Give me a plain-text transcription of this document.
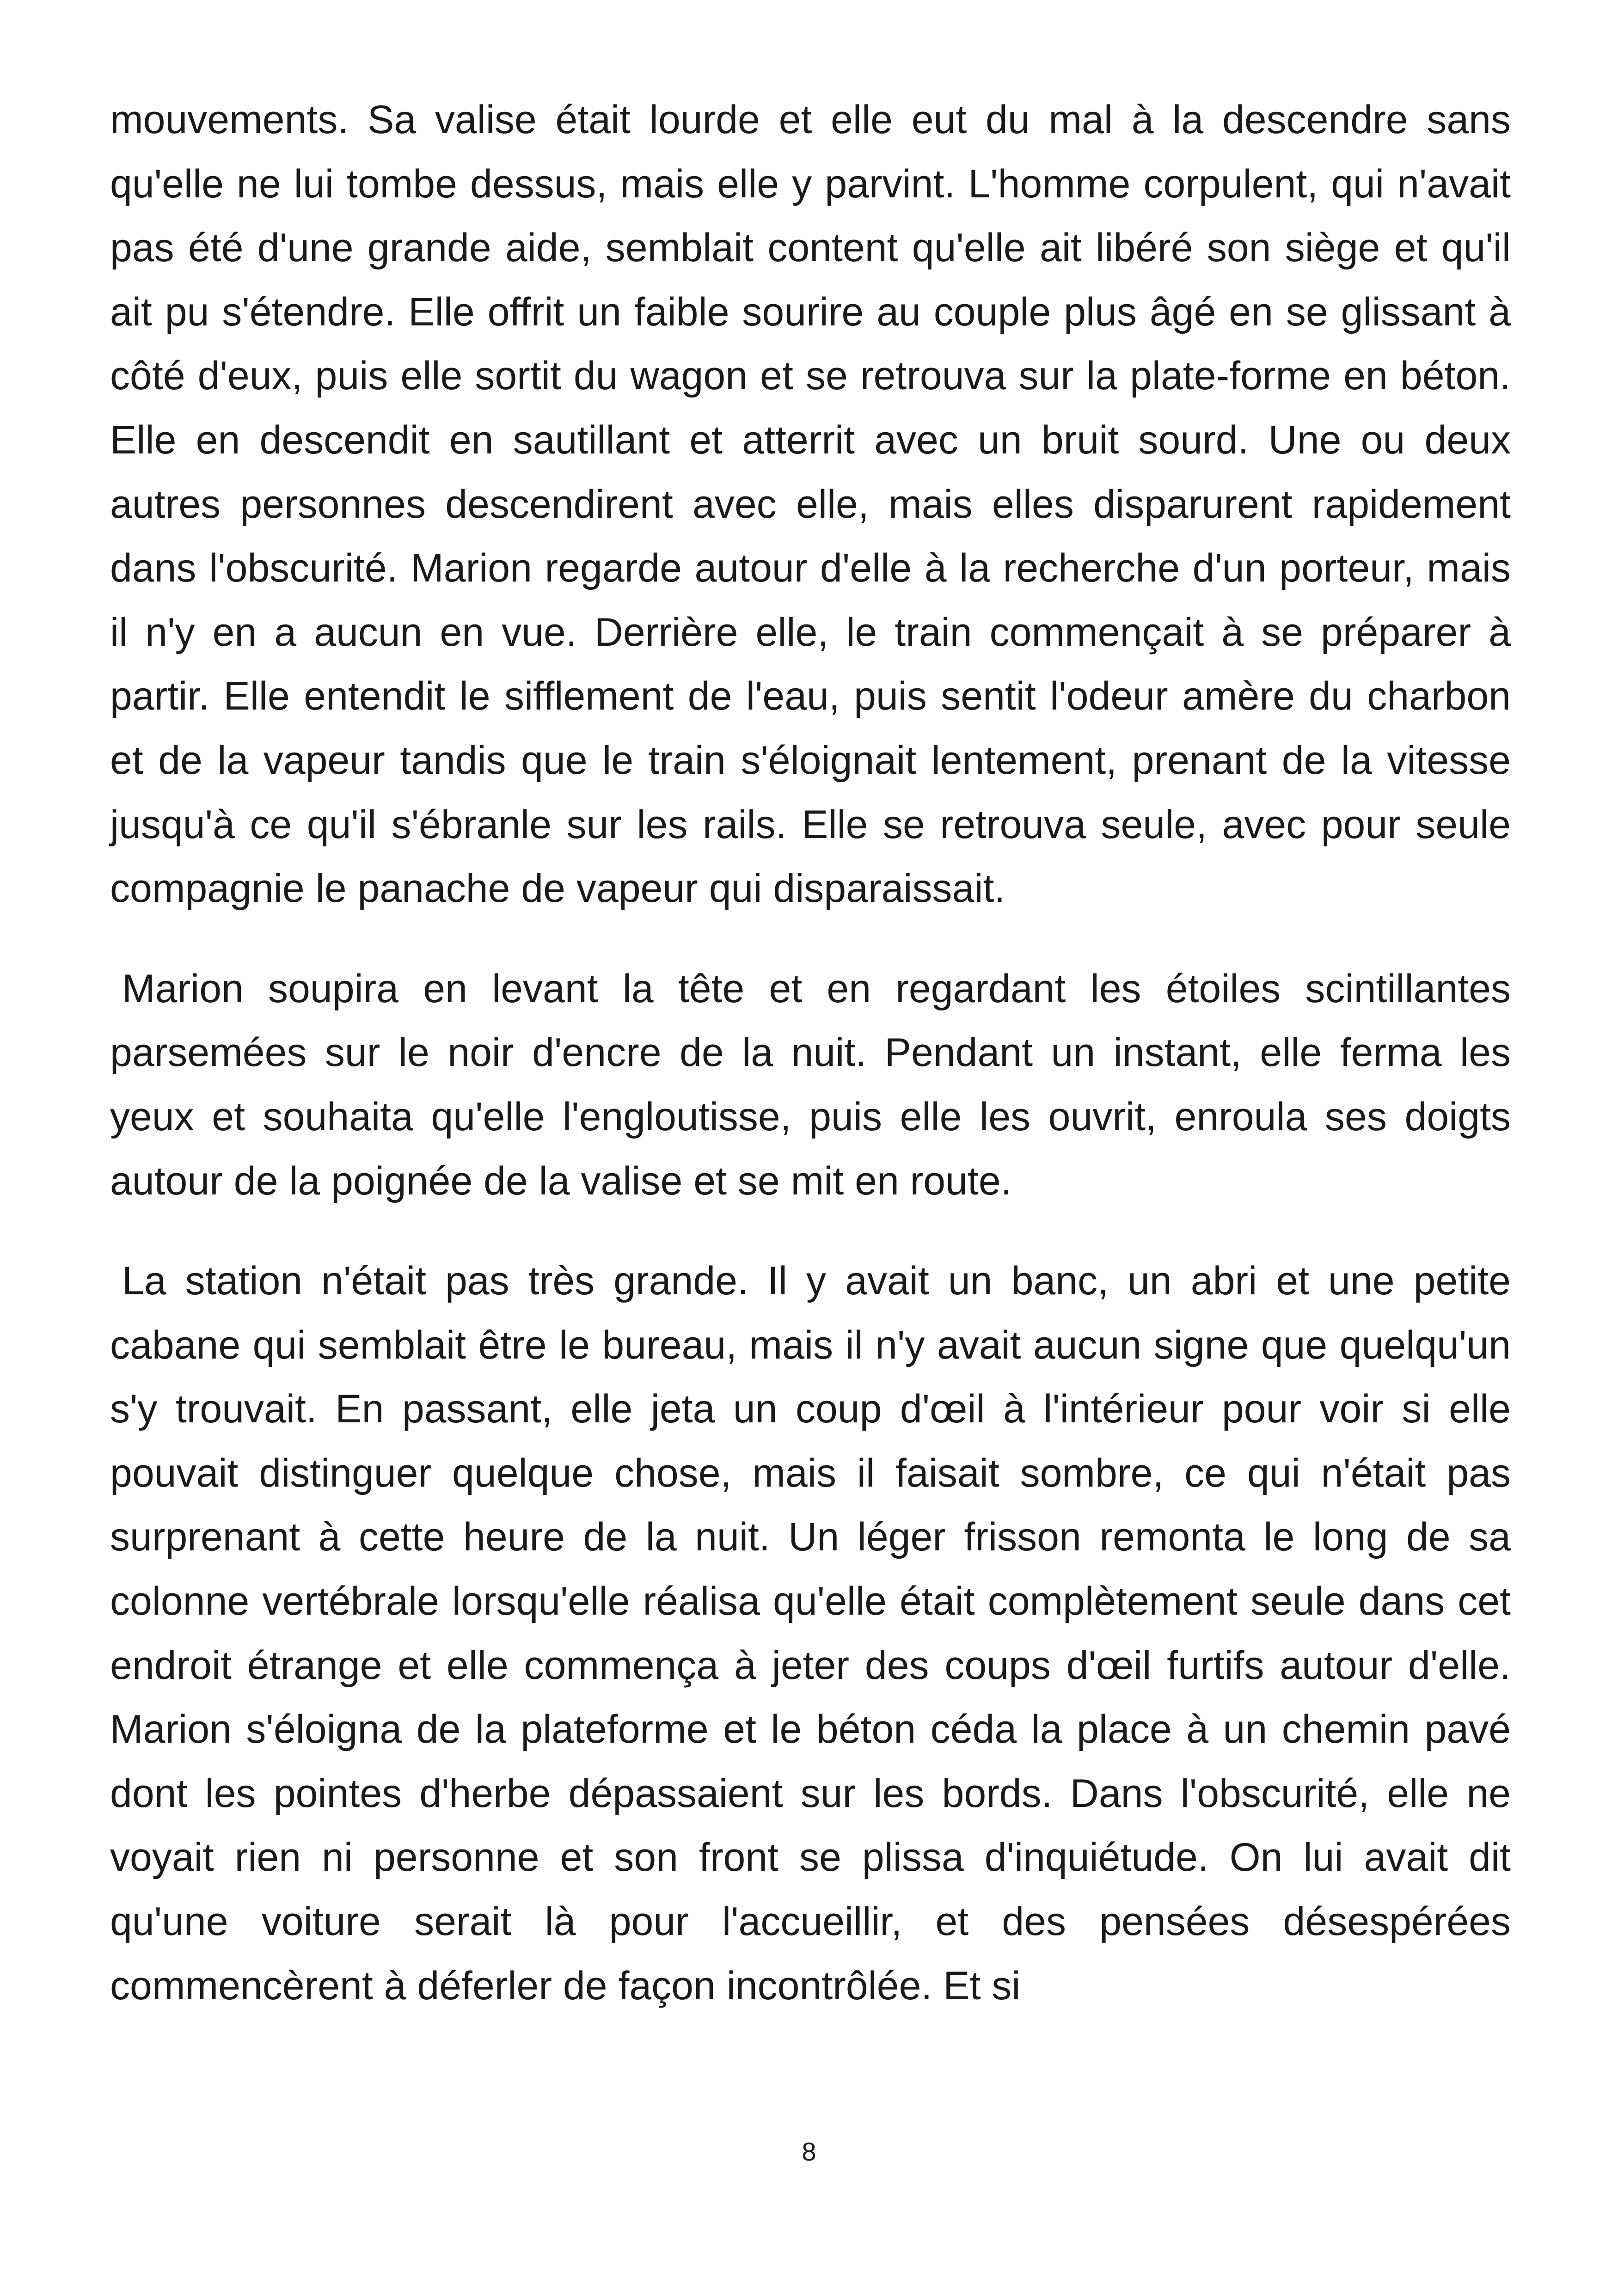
mouvements. Sa valise était lourde et elle eut du mal à la descendre sans qu'elle ne lui tombe dessus, mais elle y parvint. L'homme corpulent, qui n'avait pas été d'une grande aide, semblait content qu'elle ait libéré son siège et qu'il ait pu s'étendre. Elle offrit un faible sourire au couple plus âgé en se glissant à côté d'eux, puis elle sortit du wagon et se retrouva sur la plate-forme en béton. Elle en descendit en sautillant et atterrit avec un bruit sourd. Une ou deux autres personnes descendirent avec elle, mais elles disparurent rapidement dans l'obscurité. Marion regarde autour d'elle à la recherche d'un porteur, mais il n'y en a aucun en vue. Derrière elle, le train commençait à se préparer à partir. Elle entendit le sifflement de l'eau, puis sentit l'odeur amère du charbon et de la vapeur tandis que le train s'éloignait lentement, prenant de la vitesse jusqu'à ce qu'il s'ébranle sur les rails. Elle se retrouva seule, avec pour seule compagnie le panache de vapeur qui disparaissait.

Marion soupira en levant la tête et en regardant les étoiles scintillantes parsemées sur le noir d'encre de la nuit. Pendant un instant, elle ferma les yeux et souhaita qu'elle l'engloutisse, puis elle les ouvrit, enroula ses doigts autour de la poignée de la valise et se mit en route.

La station n'était pas très grande. Il y avait un banc, un abri et une petite cabane qui semblait être le bureau, mais il n'y avait aucun signe que quelqu'un s'y trouvait. En passant, elle jeta un coup d'œil à l'intérieur pour voir si elle pouvait distinguer quelque chose, mais il faisait sombre, ce qui n'était pas surprenant à cette heure de la nuit. Un léger frisson remonta le long de sa colonne vertébrale lorsqu'elle réalisa qu'elle était complètement seule dans cet endroit étrange et elle commença à jeter des coups d'œil furtifs autour d'elle. Marion s'éloigna de la plateforme et le béton céda la place à un chemin pavé dont les pointes d'herbe dépassaient sur les bords. Dans l'obscurité, elle ne voyait rien ni personne et son front se plissa d'inquiétude. On lui avait dit qu'une voiture serait là pour l'accueillir, et des pensées désespérées commencèrent à déferler de façon incontrôlée. Et si

8
